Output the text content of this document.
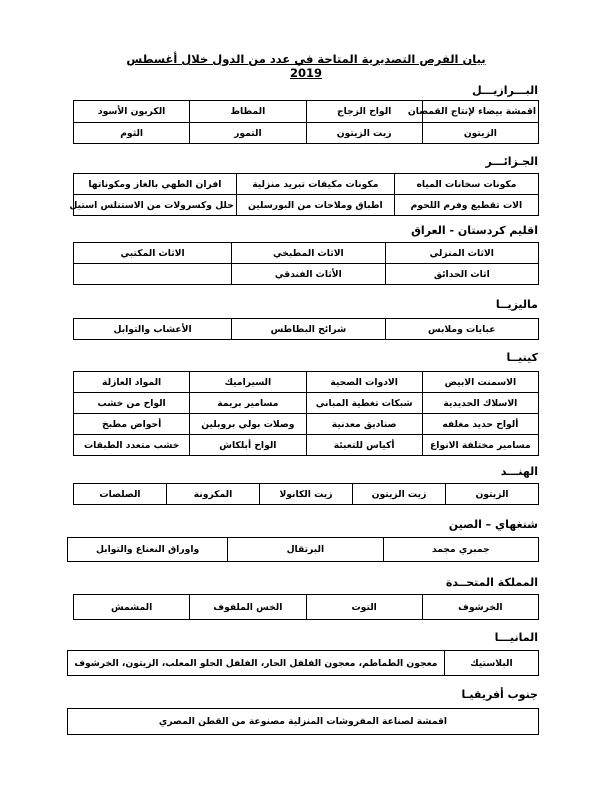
بيان الفرص التصديرية المتاحة في عدد من الدول خلال أغسطس 2019
البـــرازيـــل
اقمشة بيضاء لإنتاج القمصان	الواح الزجاج	المطاط	الكربون الأسود
الزيتون	زيت الزيتون	التمور	الثوم
الجـزائـــر
مكونات سخانات المياه	مكونات مكيفات تبريد منزلية	افران الطهي بالغاز ومكوناتها
الات تقطيع وفرم اللحوم	اطباق وملاحات من البورسلين	حلل وكسرولات من الاستنلس استيل
اقليم كردستان - العراق
الاثاث المنزلي	الاثاث المطبخي	الاثاث المكتبي
اثاث الحدائق	الأثاث الفندقي	
ماليزيــا
عبايات وملابس	شرائح البطاطس	الأعشاب والتوابل
كينيــا
الاسمنت الابيض	الادوات الصحية	السيراميك	المواد العازلة
الاسلاك الحديدية	شبكات تغطية المباني	مسامير بريمة	الواح من خشب
ألواح حديد مغلفه	صناديق معدنية	وصلات بولي بروبلين	أحواض مطبخ
مسامير مختلفة الانواع	أكياس للتعبئة	الواح أبلكاش	خشب متعدد الطبقات
الهنـــد
الزيتون	زيت الزيتون	زيت الكانولا	المكرونة	الصلصات
شنغهاي – الصين
جمبري مجمد	البرتقال	واوراق النعناع والتوابل
المملكة المتحــدة
الخرشوف	التوت	الخس الملفوف	المشمش
المانيـــا
البلاستيك	معجون الطماطم، معجون الفلفل الحار، الفلفل الحلو المعلب، الزيتون، الخرشوف
جنوب أفريقيـا
اقمشة لصناعة المفروشات المنزلية مصنوعة من القطن المصري
